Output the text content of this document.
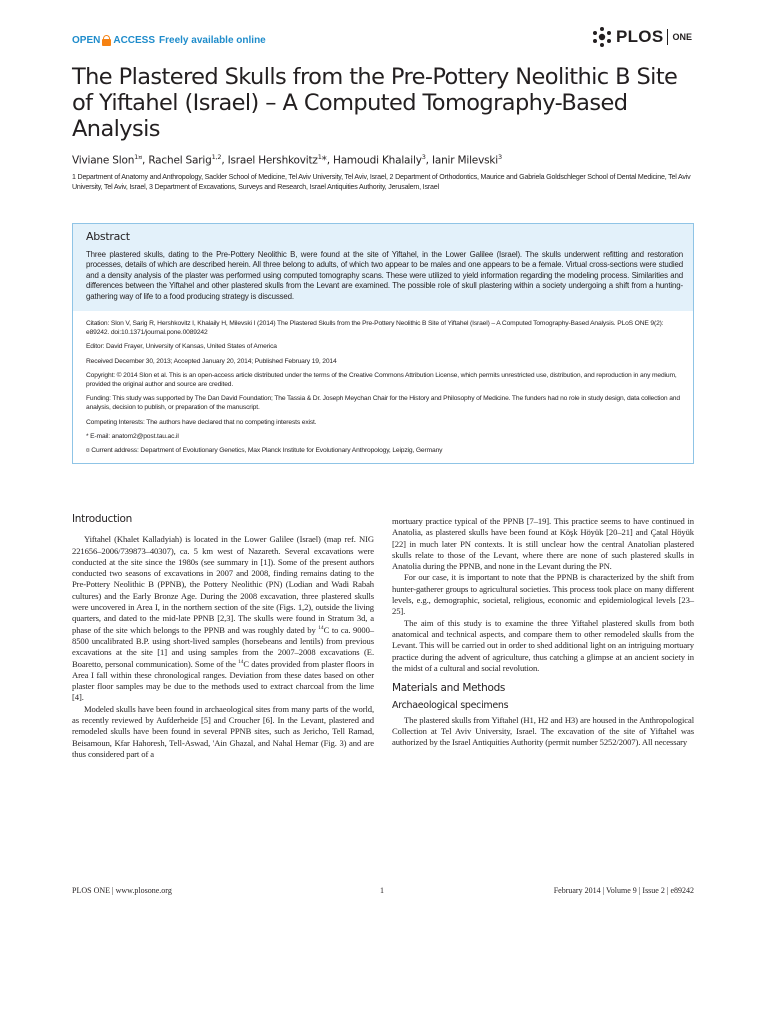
OPEN ACCESS Freely available online	PLOS ONE
The Plastered Skulls from the Pre-Pottery Neolithic B Site of Yiftahel (Israel) – A Computed Tomography-Based Analysis
Viviane Slon$^{1¤}$, Rachel Sarig$^{1,2}$, Israel Hershkovitz$^1$*, Hamoudi Khalaily$^3$, Ianir Milevski$^3$
1 Department of Anatomy and Anthropology, Sackler School of Medicine, Tel Aviv University, Tel Aviv, Israel, 2 Department of Orthodontics, Maurice and Gabriela Goldschleger School of Dental Medicine, Tel Aviv University, Tel Aviv, Israel, 3 Department of Excavations, Surveys and Research, Israel Antiquities Authority, Jerusalem, Israel
Abstract
Three plastered skulls, dating to the Pre-Pottery Neolithic B, were found at the site of Yiftahel, in the Lower Galilee (Israel). The skulls underwent refitting and restoration processes, details of which are described herein. All three belong to adults, of which two appear to be males and one appears to be a female. Virtual cross-sections were studied and a density analysis of the plaster was performed using computed tomography scans. These were utilized to yield information regarding the modeling process. Similarities and differences between the Yiftahel and other plastered skulls from the Levant are examined. The possible role of skull plastering within a society undergoing a shift from a hunting-gathering way of life to a food producing strategy is discussed.

Citation: Slon V, Sarig R, Hershkovitz I, Khalaily H, Milevski I (2014) The Plastered Skulls from the Pre-Pottery Neolithic B Site of Yiftahel (Israel) – A Computed Tomography-Based Analysis. PLoS ONE 9(2): e89242. doi:10.1371/journal.pone.0089242

Editor: David Frayer, University of Kansas, United States of America

Received December 30, 2013; Accepted January 20, 2014; Published February 19, 2014

Copyright: © 2014 Slon et al. This is an open-access article distributed under the terms of the Creative Commons Attribution License, which permits unrestricted use, distribution, and reproduction in any medium, provided the original author and source are credited.

Funding: This study was supported by The Dan David Foundation; The Tassia & Dr. Joseph Meychan Chair for the History and Philosophy of Medicine. The funders had no role in study design, data collection and analysis, decision to publish, or preparation of the manuscript.

Competing Interests: The authors have declared that no competing interests exist.

* E-mail: anatom2@post.tau.ac.il

¤ Current address: Department of Evolutionary Genetics, Max Planck Institute for Evolutionary Anthropology, Leipzig, Germany

Introduction

Yiftahel (Khalet Kalladyiah) is located in the Lower Galilee (Israel) (map ref. NIG 221656–2006/739873–40307), ca. 5 km west of Nazareth. Several excavations were conducted at the site since the 1980s (see summary in [1]). Some of the present authors conducted two seasons of excavations in 2007 and 2008, finding remains dating to the Pre-Pottery Neolithic B (PPNB), the Pottery Neolithic (PN) (Lodian and Wadi Rabah cultures) and the Early Bronze Age. During the 2008 excavation, three plastered skulls were uncovered in Area I, in the northern section of the site (Figs. 1,2), outside the living quarters, and dated to the mid-late PPNB [2,3]. The skulls were found in Stratum 3d, a phase of the site which belongs to the PPNB and was roughly dated by $^{14}$C to ca. 9000–8500 uncalibrated B.P. using short-lived samples (horsebeans and lentils) from previous excavations at the site [1] and using samples from the 2007–2008 excavations (E. Boaretto, personal communication). Some of the $^{14}$C dates provided from plaster floors in Area I fall within these chronological ranges. Deviation from these dates based on other plaster floor samples may be due to the methods used to extract charcoal from the lime [4].

Modeled skulls have been found in archaeological sites from many parts of the world, as recently reviewed by Aufderheide [5] and Croucher [6]. In the Levant, plastered and remodeled skulls have been found in several PPNB sites, such as Jericho, Tell Ramad, Beisamoun, Kfar Hahoresh, Tell-Aswad, 'Ain Ghazal, and Nahal Hemar (Fig. 3) and are thus considered part of a

mortuary practice typical of the PPNB [7–19]. This practice seems to have continued in Anatolia, as plastered skulls have been found at Köşk Höyük [20–21] and Çatal Höyük [22] in much later PN contexts. It is still unclear how the central Anatolian plastered skulls relate to those of the Levant, where there are none of such plastered skulls in Anatolia during the PPNB, and none in the Levant during the PN.

For our case, it is important to note that the PPNB is characterized by the shift from hunter-gatherer groups to agricultural societies. This process took place on many different levels, e.g., demographic, societal, religious, economic and epidemiological levels [23–25].

The aim of this study is to examine the three Yiftahel plastered skulls from both anatomical and technical aspects, and compare them to other remodeled skulls from the Levant. This will be carried out in order to shed additional light on an intriguing mortuary practice during the advent of agriculture, thus catching a glimpse at an ancient society in the midst of a cultural and social revolution.

Materials and Methods
Archaeological specimens

The plastered skulls from Yiftahel (H1, H2 and H3) are housed in the Anthropological Collection at Tel Aviv University, Israel. The excavation of the site of Yiftahel was authorized by the Israel Antiquities Authority (permit number 5252/2007). All necessary

PLOS ONE | www.plosone.org	1	February 2014 | Volume 9 | Issue 2 | e89242
